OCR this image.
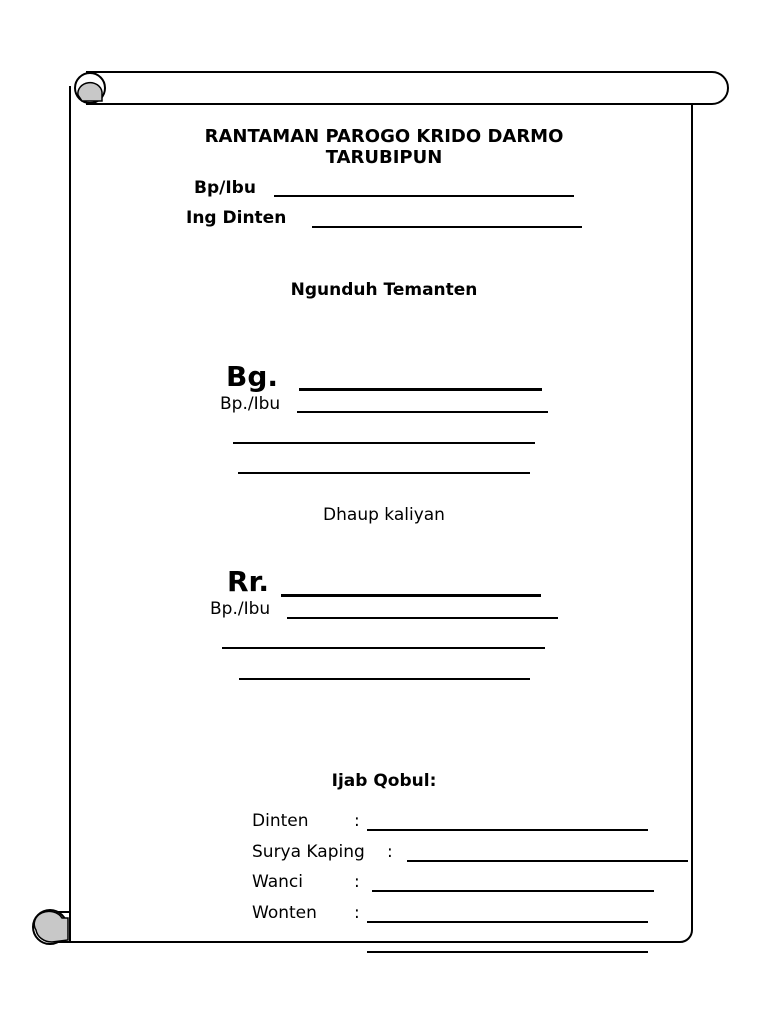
RANTAMAN PAROGO KRIDO DARMO
TARUBIPUN
Bp/Ibu
Ing Dinten
Ngunduh Temanten
Bg.
Bp./Ibu
Dhaup kaliyan
Rr.
Bp./Ibu
Ijab Qobul:
Dinten	:
Surya Kaping :
Wanci	:
Wonten :
